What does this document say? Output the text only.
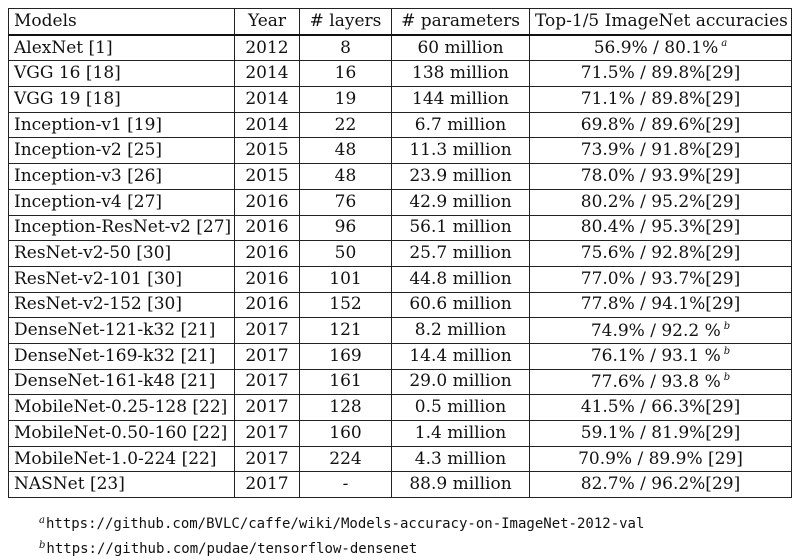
Models	Year	# layers	# parameters	Top-1/5 ImageNet accuracies
AlexNet [1]	2012	8	60 million	56.9% / 80.1% $^a$
VGG 16 [18]	2014	16	138 million	71.5% / 89.8%[29]
VGG 19 [18]	2014	19	144 million	71.1% / 89.8%[29]
Inception-v1 [19]	2014	22	6.7 million	69.8% / 89.6%[29]
Inception-v2 [25]	2015	48	11.3 million	73.9% / 91.8%[29]
Inception-v3 [26]	2015	48	23.9 million	78.0% / 93.9%[29]
Inception-v4 [27]	2016	76	42.9 million	80.2% / 95.2%[29]
Inception-ResNet-v2 [27]	2016	96	56.1 million	80.4% / 95.3%[29]
ResNet-v2-50 [30]	2016	50	25.7 million	75.6% / 92.8%[29]
ResNet-v2-101 [30]	2016	101	44.8 million	77.0% / 93.7%[29]
ResNet-v2-152 [30]	2016	152	60.6 million	77.8% / 94.1%[29]
DenseNet-121-k32 [21]	2017	121	8.2 million	74.9% / 92.2 % $^b$
DenseNet-169-k32 [21]	2017	169	14.4 million	76.1% / 93.1 % $^b$
DenseNet-161-k48 [21]	2017	161	29.0 million	77.6% / 93.8 % $^b$
MobileNet-0.25-128 [22]	2017	128	0.5 million	41.5% / 66.3%[29]
MobileNet-0.50-160 [22]	2017	160	1.4 million	59.1% / 81.9%[29]
MobileNet-1.0-224 [22]	2017	224	4.3 million	70.9% / 89.9% [29]
NASNet [23]	2017	-	88.9 million	82.7% / 96.2%[29]
$^a$https://github.com/BVLC/caffe/wiki/Models-accuracy-on-ImageNet-2012-val
$^b$https://github.com/pudae/tensorflow-densenet
